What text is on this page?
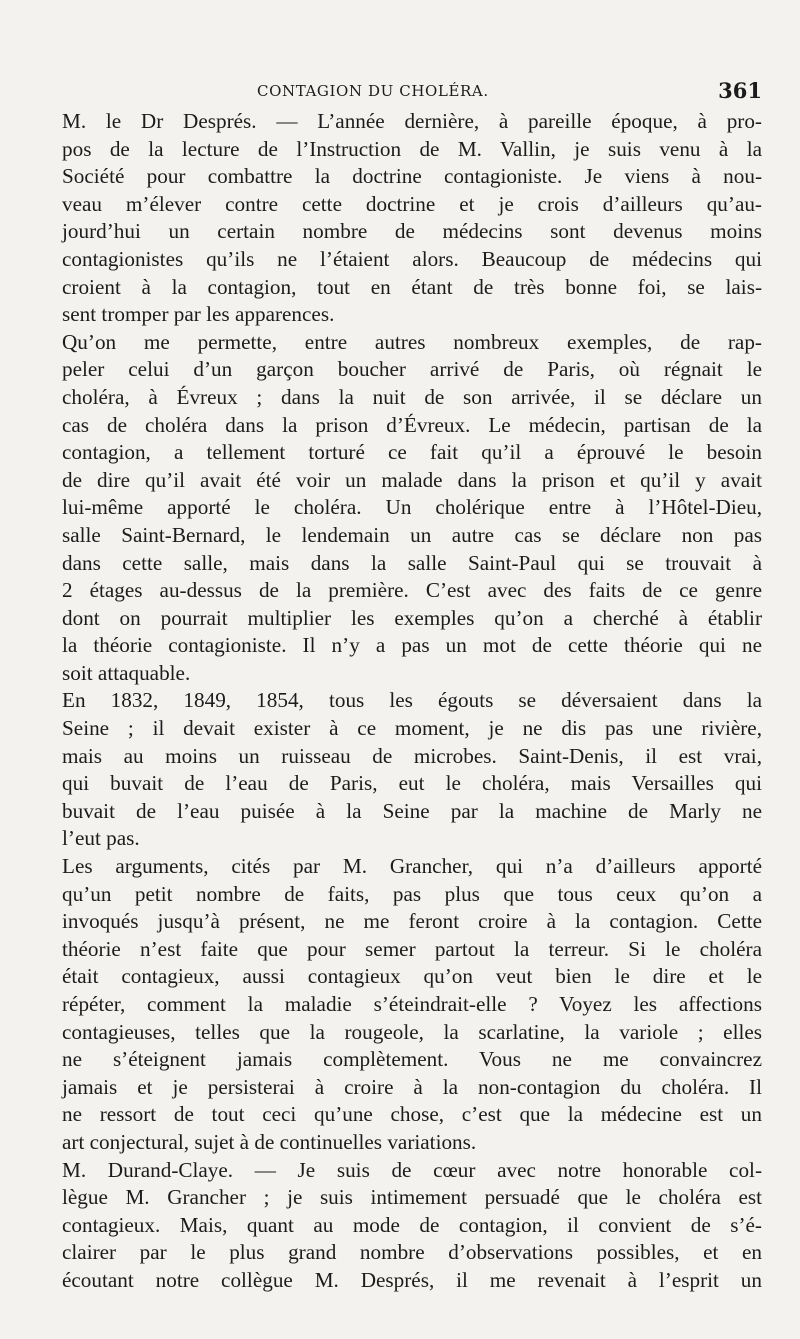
CONTAGION DU CHOLÉRA.	361
M. le Dr Després. — L’année dernière, à pareille époque, à pro-
pos de la lecture de l’Instruction de M. Vallin, je suis venu à la
Société pour combattre la doctrine contagioniste. Je viens à nou-
veau m’élever contre cette doctrine et je crois d’ailleurs qu’au-
jourd’hui un certain nombre de médecins sont devenus moins
contagionistes qu’ils ne l’étaient alors. Beaucoup de médecins qui
croient à la contagion, tout en étant de très bonne foi, se lais-
sent tromper par les apparences.
Qu’on me permette, entre autres nombreux exemples, de rap-
peler celui d’un garçon boucher arrivé de Paris, où régnait le
choléra, à Évreux ; dans la nuit de son arrivée, il se déclare un
cas de choléra dans la prison d’Évreux. Le médecin, partisan de la
contagion, a tellement torturé ce fait qu’il a éprouvé le besoin
de dire qu’il avait été voir un malade dans la prison et qu’il y avait
lui-même apporté le choléra. Un cholérique entre à l’Hôtel-Dieu,
salle Saint-Bernard, le lendemain un autre cas se déclare non pas
dans cette salle, mais dans la salle Saint-Paul qui se trouvait à
2 étages au-dessus de la première. C’est avec des faits de ce genre
dont on pourrait multiplier les exemples qu’on a cherché à établir
la théorie contagioniste. Il n’y a pas un mot de cette théorie qui ne
soit attaquable.
En 1832, 1849, 1854, tous les égouts se déversaient dans la
Seine ; il devait exister à ce moment, je ne dis pas une rivière,
mais au moins un ruisseau de microbes. Saint-Denis, il est vrai,
qui buvait de l’eau de Paris, eut le choléra, mais Versailles qui
buvait de l’eau puisée à la Seine par la machine de Marly ne
l’eut pas.
Les arguments, cités par M. Grancher, qui n’a d’ailleurs apporté
qu’un petit nombre de faits, pas plus que tous ceux qu’on a
invoqués jusqu’à présent, ne me feront croire à la contagion. Cette
théorie n’est faite que pour semer partout la terreur. Si le choléra
était contagieux, aussi contagieux qu’on veut bien le dire et le
répéter, comment la maladie s’éteindrait-elle ? Voyez les affections
contagieuses, telles que la rougeole, la scarlatine, la variole ; elles
ne s’éteignent jamais complètement. Vous ne me convaincrez
jamais et je persisterai à croire à la non-contagion du choléra. Il
ne ressort de tout ceci qu’une chose, c’est que la médecine est un
art conjectural, sujet à de continuelles variations.
M. Durand-Claye. — Je suis de cœur avec notre honorable col-
lègue M. Grancher ; je suis intimement persuadé que le choléra est
contagieux. Mais, quant au mode de contagion, il convient de s’é-
clairer par le plus grand nombre d’observations possibles, et en
écoutant notre collègue M. Després, il me revenait à l’esprit un
